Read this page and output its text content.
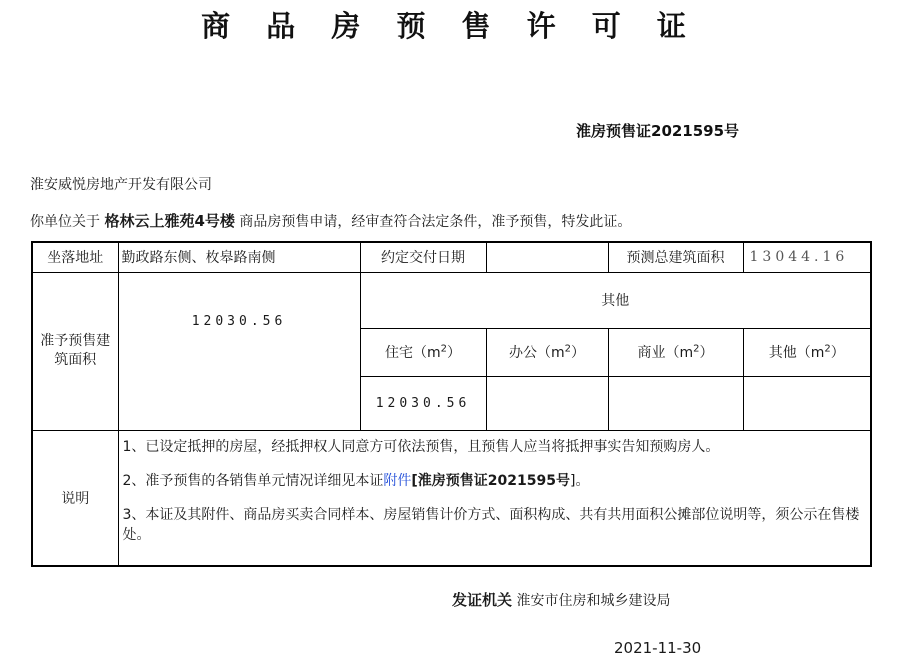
商 品 房 预 售 许 可 证
淮房预售证2021595号
淮安威悦房地产开发有限公司
你单位关于 格林云上雅苑4号楼 商品房预售申请，经审查符合法定条件，准予预售，特发此证。
坐落地址	勤政路东侧、枚皋路南侧	约定交付日期		预测总建筑面积	13044.16

准予预售建筑面积	12030.56	其他			
		住宅$(m^2)$	办公$(m^2)$	商业$(m^2)$	其他$(m^2)$
		12030.56			
说明	1、已设定抵押的房屋，经抵押权人同意方可依法预售，且预售人应当将抵押事实告知预购房人。

2、准予预售的各销售单元情况详细见本证附件[淮房预售证2021595号]。

3、本证及其附件、商品房买卖合同样本、房屋销售计价方式、面积构成、共有共用面积公摊部位说明等，须公示在售楼处。				

发证机关 淮安市住房和城乡建设局
2021-11-30
